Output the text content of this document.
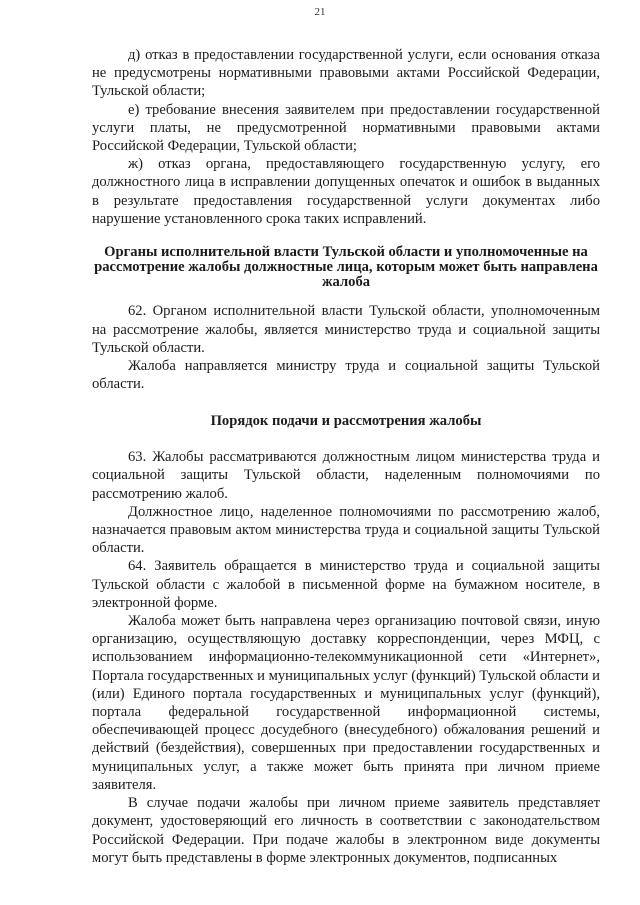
21

д) отказ в предоставлении государственной услуги, если основания отказа не предусмотрены нормативными правовыми актами Российской Федерации, Тульской области;

е) требование внесения заявителем при предоставлении государственной услуги платы, не предусмотренной нормативными правовыми актами Российской Федерации, Тульской области;

ж) отказ органа, предоставляющего государственную услугу, его должностного лица в исправлении допущенных опечаток и ошибок в выданных в результате предоставления государственной услуги документах либо нарушение установленного срока таких исправлений.

Органы исполнительной власти Тульской области и уполномоченные на рассмотрение жалобы должностные лица, которым может быть направлена жалоба

62. Органом исполнительной власти Тульской области, уполномоченным на рассмотрение жалобы, является министерство труда и социальной защиты Тульской области.

Жалоба направляется министру труда и социальной защиты Тульской области.

Порядок подачи и рассмотрения жалобы

63. Жалобы рассматриваются должностным лицом министерства труда и социальной защиты Тульской области, наделенным полномочиями по рассмотрению жалоб.

Должностное лицо, наделенное полномочиями по рассмотрению жалоб, назначается правовым актом министерства труда и социальной защиты Тульской области.

64. Заявитель обращается в министерство труда и социальной защиты Тульской области с жалобой в письменной форме на бумажном носителе, в электронной форме.

Жалоба может быть направлена через организацию почтовой связи, иную организацию, осуществляющую доставку корреспонденции, через МФЦ, с использованием информационно-телекоммуникационной сети «Интернет», Портала государственных и муниципальных услуг (функций) Тульской области и (или) Единого портала государственных и муниципальных услуг (функций), портала федеральной государственной информационной системы, обеспечивающей процесс досудебного (внесудебного) обжалования решений и действий (бездействия), совершенных при предоставлении государственных и муниципальных услуг, а также может быть принята при личном приеме заявителя.

В случае подачи жалобы при личном приеме заявитель представляет документ, удостоверяющий его личность в соответствии с законодательством Российской Федерации. При подаче жалобы в электронном виде документы могут быть представлены в форме электронных документов, подписанных
